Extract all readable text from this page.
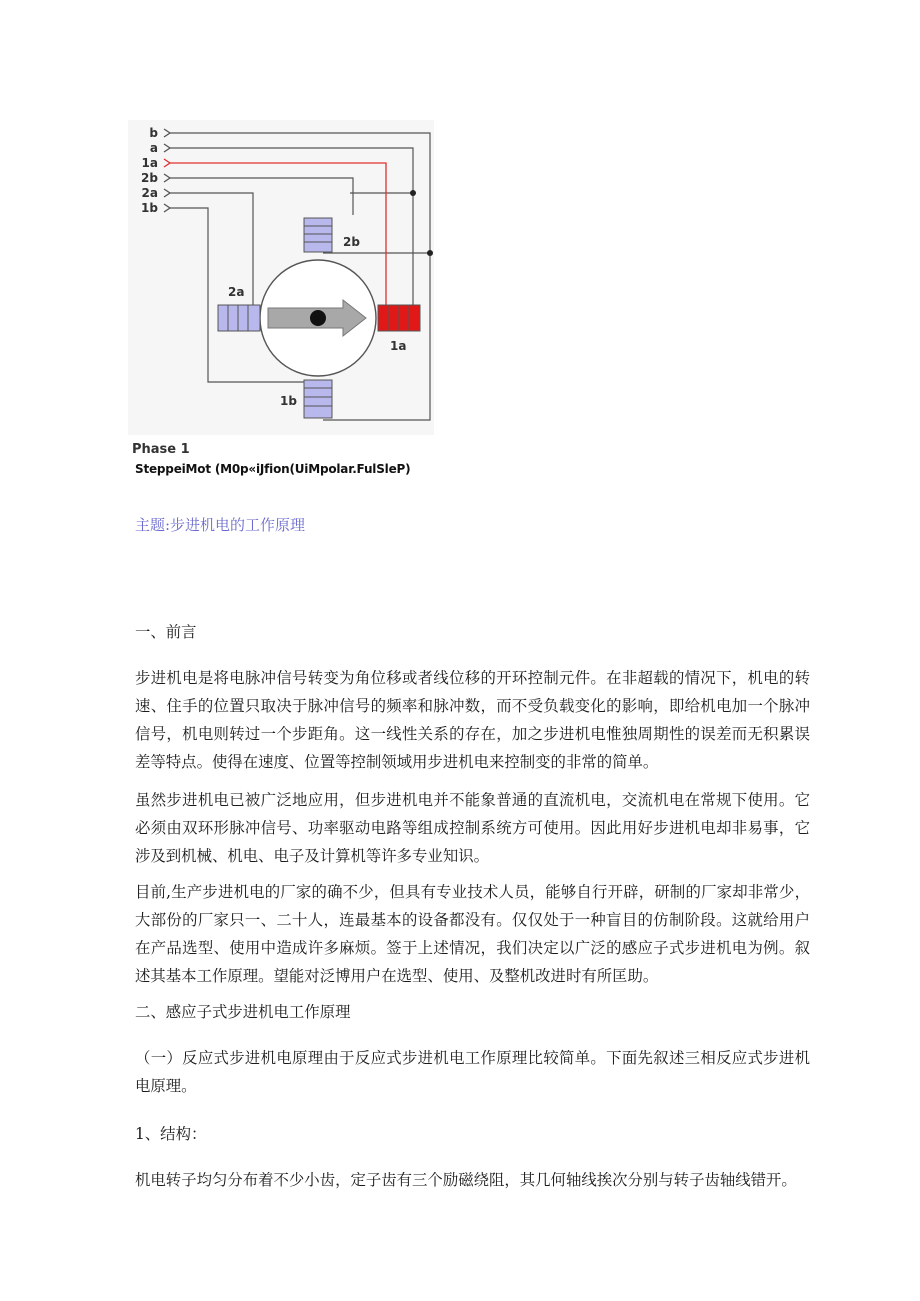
b
a
1a
2b
2a
1b
2b
2a
1a
1b
Phase 1
SteppeiMot (M0p«iJfion(UiMpolar.FulSleP)
主题:步进机电的工作原理
一、前言
步进机电是将电脉冲信号转变为角位移或者线位移的开环控制元件。在非超载的情况下，机电的转速、住手的位置只取决于脉冲信号的频率和脉冲数，而不受负载变化的影响，即给机电加一个脉冲信号，机电则转过一个步距角。这一线性关系的存在，加之步进机电惟独周期性的误差而无积累误差等特点。使得在速度、位置等控制领域用步进机电来控制变的非常的简单。
虽然步进机电已被广泛地应用，但步进机电并不能象普通的直流机电，交流机电在常规下使用。它必须由双环形脉冲信号、功率驱动电路等组成控制系统方可使用。因此用好步进机电却非易事，它涉及到机械、机电、电子及计算机等许多专业知识。
目前,生产步进机电的厂家的确不少，但具有专业技术人员，能够自行开辟，研制的厂家却非常少，大部份的厂家只一、二十人，连最基本的设备都没有。仅仅处于一种盲目的仿制阶段。这就给用户在产品选型、使用中造成许多麻烦。签于上述情况，我们决定以广泛的感应子式步进机电为例。叙述其基本工作原理。望能对泛博用户在选型、使用、及整机改进时有所匡助。
二、感应子式步进机电工作原理
（一）反应式步进机电原理由于反应式步进机电工作原理比较简单。下面先叙述三相反应式步进机电原理。
1、结构：
机电转子均匀分布着不少小齿，定子齿有三个励磁绕阻，其几何轴线挨次分别与转子齿轴线错开。
